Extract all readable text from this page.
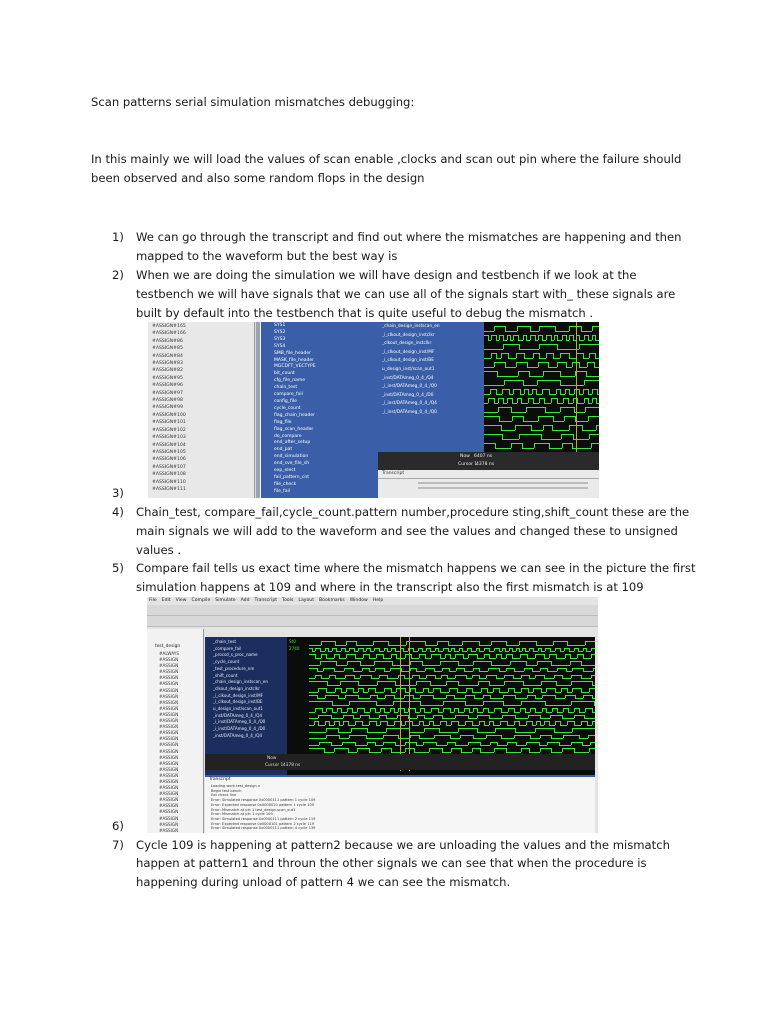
Scan patterns serial simulation mismatches debugging:
In this mainly we will load the values of scan enable ,clocks and scan out pin where the failure should
been observed and also some random flops in the design
1) We can go through the transcript and find out where the mismatches are happening and then
mapped to the waveform but the best way is
2) When we are doing the simulation we will have design and testbench if we look at the
testbench we will have signals that we can use all of the signals start with_ these signals are
built by default into the testbench that is quite useful to debug the mismatch .
#ASSIGN#165
#ASSIGN#166
#ASSIGN#86
#ASSIGN#85
#ASSIGN#84
#ASSIGN#83
#ASSIGN#82
#ASSIGN#95
#ASSIGN#96
#ASSIGN#97
#ASSIGN#98
#ASSIGN#99
#ASSIGN#100
#ASSIGN#101
#ASSIGN#102
#ASSIGN#103
#ASSIGN#104
#ASSIGN#105
#ASSIGN#106
#ASSIGN#107
#ASSIGN#108
#ASSIGN#110
#ASSIGN#111
SYS1
SYS2
SYS3
SYS4
SMB_file_header
MASK_file_header
MGCDFT_VECTYPE
bit_count
cfg_file_name
chain_test
compare_fail
config_file
cycle_count
flag_chain_header
flag_file
flag_scan_header
do_compare
end_after_setup
end_pat
end_simulation
end_sve_file_sh
exp_elect
fail_pattern_cnt
file_check
file_fail
_chain_design_instscan_en
_i_clkout_design_instclkr
_clkout_design_instclkr
_i_clkout_design_inst/MF
_i_clkout_design_inst/BE
u_design_inst/scan_out1
_inst/DATAmeg_0_4_/Q4
_i_inst/DATAmeg_0_4_/Q0
_inst/DATAmeg_0_4_/D0
_i_inst/DATAmeg_0_4_/Q4
_i_inst/DATAmeg_0_4_/Q0
Now 6407 ns
Cursor 1
4378 ns
Transcript
3)
4) Chain_test, compare_fail,cycle_count.pattern number,procedure sting,shift_count these are the
main signals we will add to the waveform and see the values and changed these to unsigned
values .
5) Compare fail tells us exact time where the mismatch happens we can see in the picture the first
simulation happens at 109 and where in the transcript also the first mismatch is at 109
File Edit View Compile Simulate Add Transcript Tools Layout Bookmarks Window Help
test_design
#ALWAYS
#ASSIGN
#ASSIGN
#ASSIGN
#ASSIGN
#ASSIGN
#ASSIGN
#ASSIGN
#ASSIGN
#ASSIGN
#ASSIGN
#ASSIGN
#ASSIGN
#ASSIGN
#ASSIGN
#ASSIGN
#ASSIGN
#ASSIGN
#ASSIGN
#ASSIGN
#ASSIGN
#ASSIGN
#ASSIGN
#ASSIGN
#ASSIGN
#ASSIGN
#ASSIGN
#ASSIGN
#ASSIGN
#ASSIGN
_chain_test
_compare_fail
_procsd_s_proc_name
_cycle_count
_test_procedure_nm
_shift_count
_chain_design_instscan_en
_clkout_design_instclkr
_i_clkout_design_inst/MF
_i_clkout_design_inst/BE
u_design_inst/scan_out1
_inst/DATAmeg_0_4_/Q4
_i_inst/DATAmeg_0_4_/Q0
_i_inst/DATAmeg_0_4_/D0
_inst/DATAmeg_0_4_/Q4
St0
2740
Now
Cursor 1 4378 ns
Transcript
Loading work.test_design.v
Begin test bench
Eot check line
Error: Simulated response 0x0000111 pattern 1 cycle 109
Error: Expected response 0x0000010 pattern 1 cycle 109
Error: Mismatch at pin 1 test_design.scan_out1
Error: Mismatch at pin 1 cycle 109
Error: Simulated response 0x0000111 pattern 2 cycle 119
Error: Expected response 0x0000101 pattern 2 cycle 119
Error: Simulated response 0x0000111 pattern 4 cycle 139
6)
7) Cycle 109 is happening at pattern2 because we are unloading the values and the mismatch
happen at pattern1 and throun the other signals we can see that when the procedure is
happening during unload of pattern 4 we can see the mismatch.
